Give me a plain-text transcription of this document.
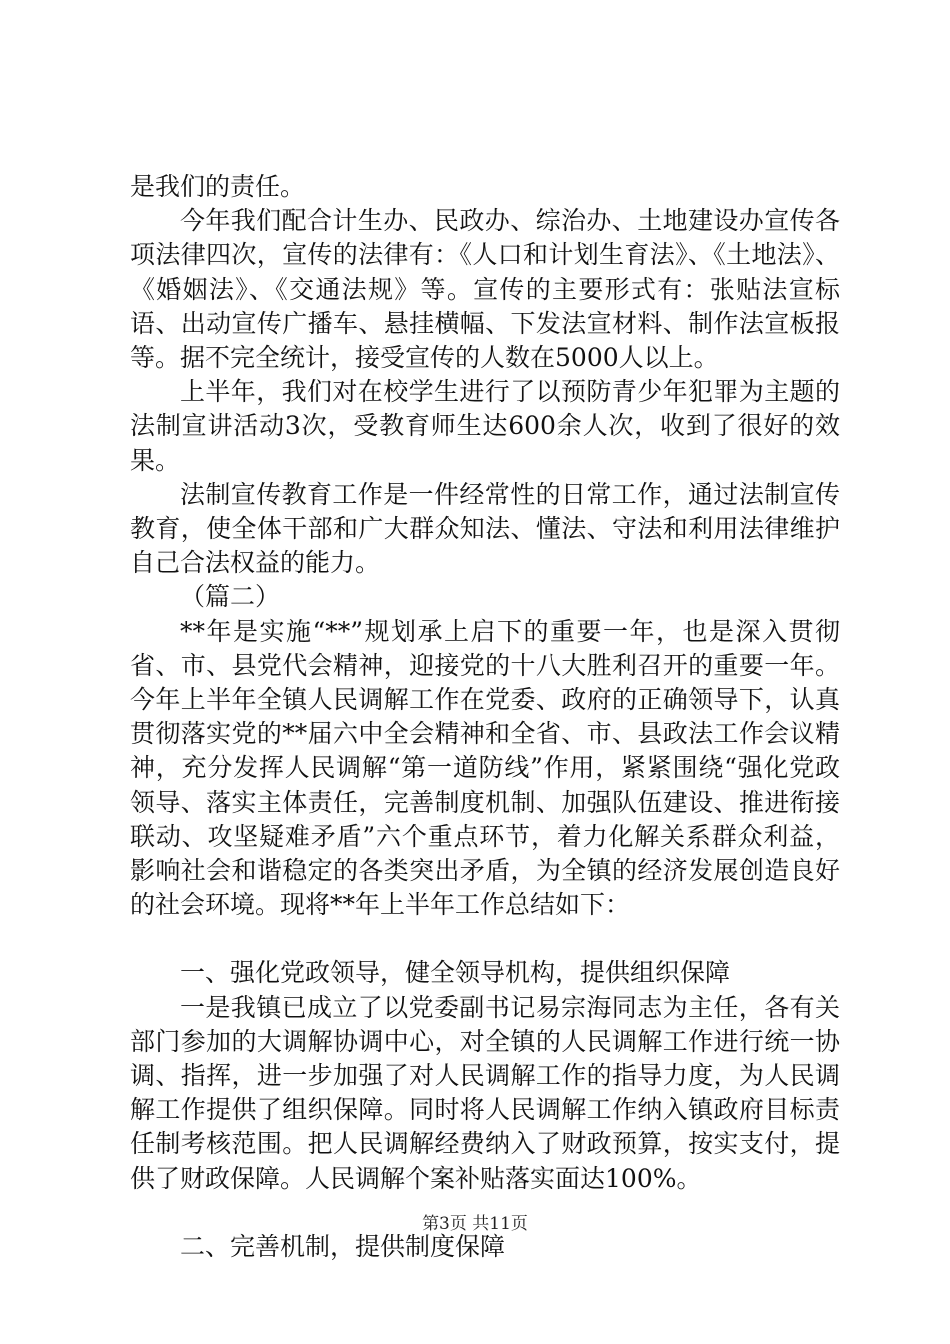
是我们的责任。

今年我们配合计生办、民政办、综治办、土地建设办宣传各项法律四次，宣传的法律有：《人口和计划生育法》、《土地法》、《婚姻法》、《交通法规》等。宣传的主要形式有：张贴法宣标语、出动宣传广播车、悬挂横幅、下发法宣材料、制作法宣板报等。据不完全统计，接受宣传的人数在5000人以上。

上半年，我们对在校学生进行了以预防青少年犯罪为主题的法制宣讲活动3次，受教育师生达600余人次，收到了很好的效果。

法制宣传教育工作是一件经常性的日常工作，通过法制宣传教育，使全体干部和广大群众知法、懂法、守法和利用法律维护自己合法权益的能力。

（篇二）

**年是实施“**”规划承上启下的重要一年，也是深入贯彻省、市、县党代会精神，迎接党的十八大胜利召开的重要一年。今年上半年全镇人民调解工作在党委、政府的正确领导下，认真贯彻落实党的**届六中全会精神和全省、市、县政法工作会议精神，充分发挥人民调解“第一道防线”作用，紧紧围绕“强化党政领导、落实主体责任，完善制度机制、加强队伍建设、推进衔接联动、攻坚疑难矛盾”六个重点环节，着力化解关系群众利益，影响社会和谐稳定的各类突出矛盾，为全镇的经济发展创造良好的社会环境。现将**年上半年工作总结如下：

一、强化党政领导，健全领导机构，提供组织保障

一是我镇已成立了以党委副书记易宗海同志为主任，各有关部门参加的大调解协调中心，对全镇的人民调解工作进行统一协调、指挥，进一步加强了对人民调解工作的指导力度，为人民调解工作提供了组织保障。同时将人民调解工作纳入镇政府目标责任制考核范围。把人民调解经费纳入了财政预算，按实支付，提供了财政保障。人民调解个案补贴落实面达100%。

二、完善机制，提供制度保障

第3页 共11页
